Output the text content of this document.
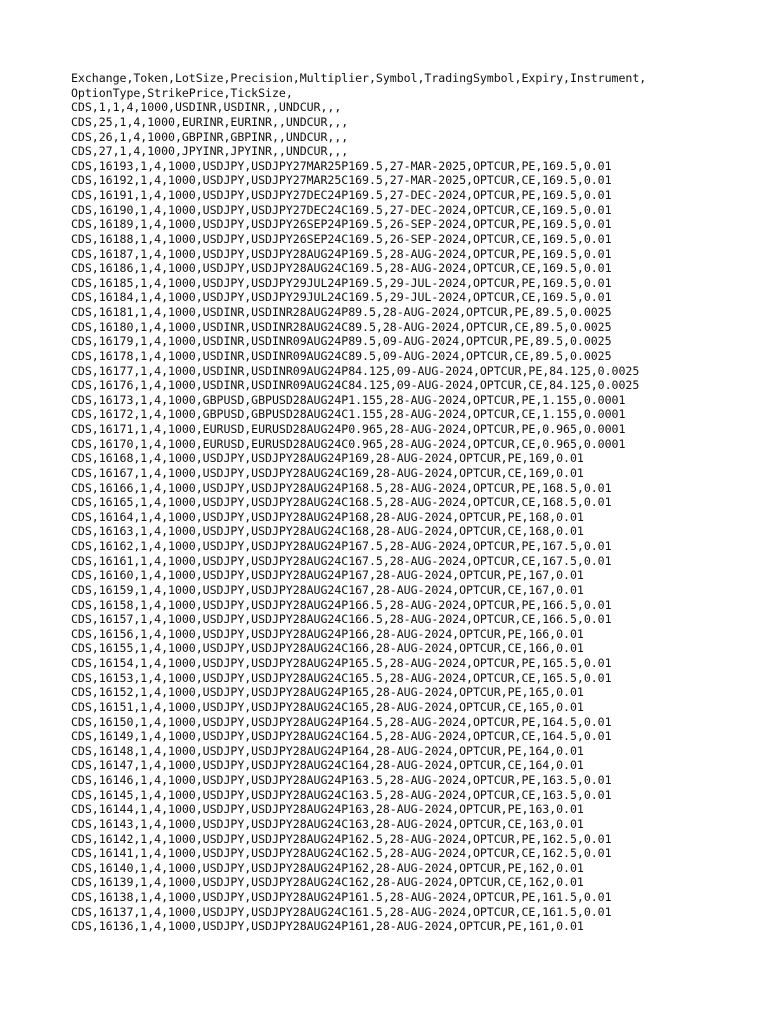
Exchange,Token,LotSize,Precision,Multiplier,Symbol,TradingSymbol,Expiry,Instrument,
OptionType,StrikePrice,TickSize,
CDS,1,1,4,1000,USDINR,USDINR,,UNDCUR,,,
CDS,25,1,4,1000,EURINR,EURINR,,UNDCUR,,,
CDS,26,1,4,1000,GBPINR,GBPINR,,UNDCUR,,,
CDS,27,1,4,1000,JPYINR,JPYINR,,UNDCUR,,,
CDS,16193,1,4,1000,USDJPY,USDJPY27MAR25P169.5,27-MAR-2025,OPTCUR,PE,169.5,0.01
CDS,16192,1,4,1000,USDJPY,USDJPY27MAR25C169.5,27-MAR-2025,OPTCUR,CE,169.5,0.01
CDS,16191,1,4,1000,USDJPY,USDJPY27DEC24P169.5,27-DEC-2024,OPTCUR,PE,169.5,0.01
CDS,16190,1,4,1000,USDJPY,USDJPY27DEC24C169.5,27-DEC-2024,OPTCUR,CE,169.5,0.01
CDS,16189,1,4,1000,USDJPY,USDJPY26SEP24P169.5,26-SEP-2024,OPTCUR,PE,169.5,0.01
CDS,16188,1,4,1000,USDJPY,USDJPY26SEP24C169.5,26-SEP-2024,OPTCUR,CE,169.5,0.01
CDS,16187,1,4,1000,USDJPY,USDJPY28AUG24P169.5,28-AUG-2024,OPTCUR,PE,169.5,0.01
CDS,16186,1,4,1000,USDJPY,USDJPY28AUG24C169.5,28-AUG-2024,OPTCUR,CE,169.5,0.01
CDS,16185,1,4,1000,USDJPY,USDJPY29JUL24P169.5,29-JUL-2024,OPTCUR,PE,169.5,0.01
CDS,16184,1,4,1000,USDJPY,USDJPY29JUL24C169.5,29-JUL-2024,OPTCUR,CE,169.5,0.01
CDS,16181,1,4,1000,USDINR,USDINR28AUG24P89.5,28-AUG-2024,OPTCUR,PE,89.5,0.0025
CDS,16180,1,4,1000,USDINR,USDINR28AUG24C89.5,28-AUG-2024,OPTCUR,CE,89.5,0.0025
CDS,16179,1,4,1000,USDINR,USDINR09AUG24P89.5,09-AUG-2024,OPTCUR,PE,89.5,0.0025
CDS,16178,1,4,1000,USDINR,USDINR09AUG24C89.5,09-AUG-2024,OPTCUR,CE,89.5,0.0025
CDS,16177,1,4,1000,USDINR,USDINR09AUG24P84.125,09-AUG-2024,OPTCUR,PE,84.125,0.0025
CDS,16176,1,4,1000,USDINR,USDINR09AUG24C84.125,09-AUG-2024,OPTCUR,CE,84.125,0.0025
CDS,16173,1,4,1000,GBPUSD,GBPUSD28AUG24P1.155,28-AUG-2024,OPTCUR,PE,1.155,0.0001
CDS,16172,1,4,1000,GBPUSD,GBPUSD28AUG24C1.155,28-AUG-2024,OPTCUR,CE,1.155,0.0001
CDS,16171,1,4,1000,EURUSD,EURUSD28AUG24P0.965,28-AUG-2024,OPTCUR,PE,0.965,0.0001
CDS,16170,1,4,1000,EURUSD,EURUSD28AUG24C0.965,28-AUG-2024,OPTCUR,CE,0.965,0.0001
CDS,16168,1,4,1000,USDJPY,USDJPY28AUG24P169,28-AUG-2024,OPTCUR,PE,169,0.01
CDS,16167,1,4,1000,USDJPY,USDJPY28AUG24C169,28-AUG-2024,OPTCUR,CE,169,0.01
CDS,16166,1,4,1000,USDJPY,USDJPY28AUG24P168.5,28-AUG-2024,OPTCUR,PE,168.5,0.01
CDS,16165,1,4,1000,USDJPY,USDJPY28AUG24C168.5,28-AUG-2024,OPTCUR,CE,168.5,0.01
CDS,16164,1,4,1000,USDJPY,USDJPY28AUG24P168,28-AUG-2024,OPTCUR,PE,168,0.01
CDS,16163,1,4,1000,USDJPY,USDJPY28AUG24C168,28-AUG-2024,OPTCUR,CE,168,0.01
CDS,16162,1,4,1000,USDJPY,USDJPY28AUG24P167.5,28-AUG-2024,OPTCUR,PE,167.5,0.01
CDS,16161,1,4,1000,USDJPY,USDJPY28AUG24C167.5,28-AUG-2024,OPTCUR,CE,167.5,0.01
CDS,16160,1,4,1000,USDJPY,USDJPY28AUG24P167,28-AUG-2024,OPTCUR,PE,167,0.01
CDS,16159,1,4,1000,USDJPY,USDJPY28AUG24C167,28-AUG-2024,OPTCUR,CE,167,0.01
CDS,16158,1,4,1000,USDJPY,USDJPY28AUG24P166.5,28-AUG-2024,OPTCUR,PE,166.5,0.01
CDS,16157,1,4,1000,USDJPY,USDJPY28AUG24C166.5,28-AUG-2024,OPTCUR,CE,166.5,0.01
CDS,16156,1,4,1000,USDJPY,USDJPY28AUG24P166,28-AUG-2024,OPTCUR,PE,166,0.01
CDS,16155,1,4,1000,USDJPY,USDJPY28AUG24C166,28-AUG-2024,OPTCUR,CE,166,0.01
CDS,16154,1,4,1000,USDJPY,USDJPY28AUG24P165.5,28-AUG-2024,OPTCUR,PE,165.5,0.01
CDS,16153,1,4,1000,USDJPY,USDJPY28AUG24C165.5,28-AUG-2024,OPTCUR,CE,165.5,0.01
CDS,16152,1,4,1000,USDJPY,USDJPY28AUG24P165,28-AUG-2024,OPTCUR,PE,165,0.01
CDS,16151,1,4,1000,USDJPY,USDJPY28AUG24C165,28-AUG-2024,OPTCUR,CE,165,0.01
CDS,16150,1,4,1000,USDJPY,USDJPY28AUG24P164.5,28-AUG-2024,OPTCUR,PE,164.5,0.01
CDS,16149,1,4,1000,USDJPY,USDJPY28AUG24C164.5,28-AUG-2024,OPTCUR,CE,164.5,0.01
CDS,16148,1,4,1000,USDJPY,USDJPY28AUG24P164,28-AUG-2024,OPTCUR,PE,164,0.01
CDS,16147,1,4,1000,USDJPY,USDJPY28AUG24C164,28-AUG-2024,OPTCUR,CE,164,0.01
CDS,16146,1,4,1000,USDJPY,USDJPY28AUG24P163.5,28-AUG-2024,OPTCUR,PE,163.5,0.01
CDS,16145,1,4,1000,USDJPY,USDJPY28AUG24C163.5,28-AUG-2024,OPTCUR,CE,163.5,0.01
CDS,16144,1,4,1000,USDJPY,USDJPY28AUG24P163,28-AUG-2024,OPTCUR,PE,163,0.01
CDS,16143,1,4,1000,USDJPY,USDJPY28AUG24C163,28-AUG-2024,OPTCUR,CE,163,0.01
CDS,16142,1,4,1000,USDJPY,USDJPY28AUG24P162.5,28-AUG-2024,OPTCUR,PE,162.5,0.01
CDS,16141,1,4,1000,USDJPY,USDJPY28AUG24C162.5,28-AUG-2024,OPTCUR,CE,162.5,0.01
CDS,16140,1,4,1000,USDJPY,USDJPY28AUG24P162,28-AUG-2024,OPTCUR,PE,162,0.01
CDS,16139,1,4,1000,USDJPY,USDJPY28AUG24C162,28-AUG-2024,OPTCUR,CE,162,0.01
CDS,16138,1,4,1000,USDJPY,USDJPY28AUG24P161.5,28-AUG-2024,OPTCUR,PE,161.5,0.01
CDS,16137,1,4,1000,USDJPY,USDJPY28AUG24C161.5,28-AUG-2024,OPTCUR,CE,161.5,0.01
CDS,16136,1,4,1000,USDJPY,USDJPY28AUG24P161,28-AUG-2024,OPTCUR,PE,161,0.01
